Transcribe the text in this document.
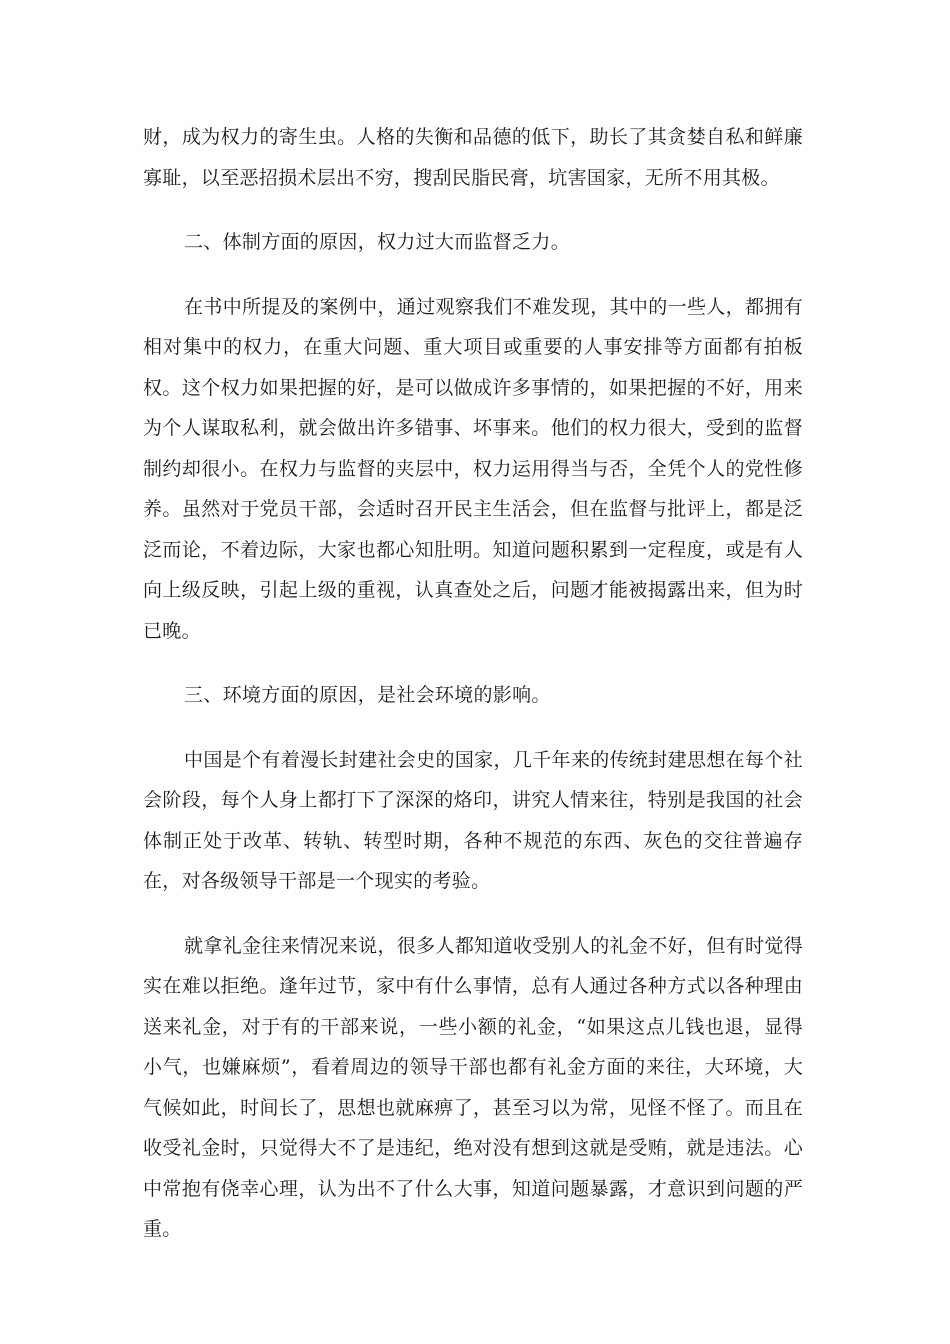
财，成为权力的寄生虫。人格的失衡和品德的低下，助长了其贪婪自私和鲜廉寡耻，以至恶招损术层出不穷，搜刮民脂民膏，坑害国家，无所不用其极。

二、体制方面的原因，权力过大而监督乏力。

在书中所提及的案例中，通过观察我们不难发现，其中的一些人，都拥有相对集中的权力，在重大问题、重大项目或重要的人事安排等方面都有拍板权。这个权力如果把握的好，是可以做成许多事情的，如果把握的不好，用来为个人谋取私利，就会做出许多错事、坏事来。他们的权力很大，受到的监督制约却很小。在权力与监督的夹层中，权力运用得当与否，全凭个人的党性修养。虽然对于党员干部，会适时召开民主生活会，但在监督与批评上，都是泛泛而论，不着边际，大家也都心知肚明。知道问题积累到一定程度，或是有人向上级反映，引起上级的重视，认真查处之后，问题才能被揭露出来，但为时已晚。

三、环境方面的原因，是社会环境的影响。

中国是个有着漫长封建社会史的国家，几千年来的传统封建思想在每个社会阶段，每个人身上都打下了深深的烙印，讲究人情来往，特别是我国的社会体制正处于改革、转轨、转型时期，各种不规范的东西、灰色的交往普遍存在，对各级领导干部是一个现实的考验。

就拿礼金往来情况来说，很多人都知道收受别人的礼金不好，但有时觉得实在难以拒绝。逢年过节，家中有什么事情，总有人通过各种方式以各种理由送来礼金，对于有的干部来说，一些小额的礼金，“如果这点儿钱也退，显得小气，也嫌麻烦”，看着周边的领导干部也都有礼金方面的来往，大环境，大气候如此，时间长了，思想也就麻痹了，甚至习以为常，见怪不怪了。而且在收受礼金时，只觉得大不了是违纪，绝对没有想到这就是受贿，就是违法。心中常抱有侥幸心理，认为出不了什么大事，知道问题暴露，才意识到问题的严重。
